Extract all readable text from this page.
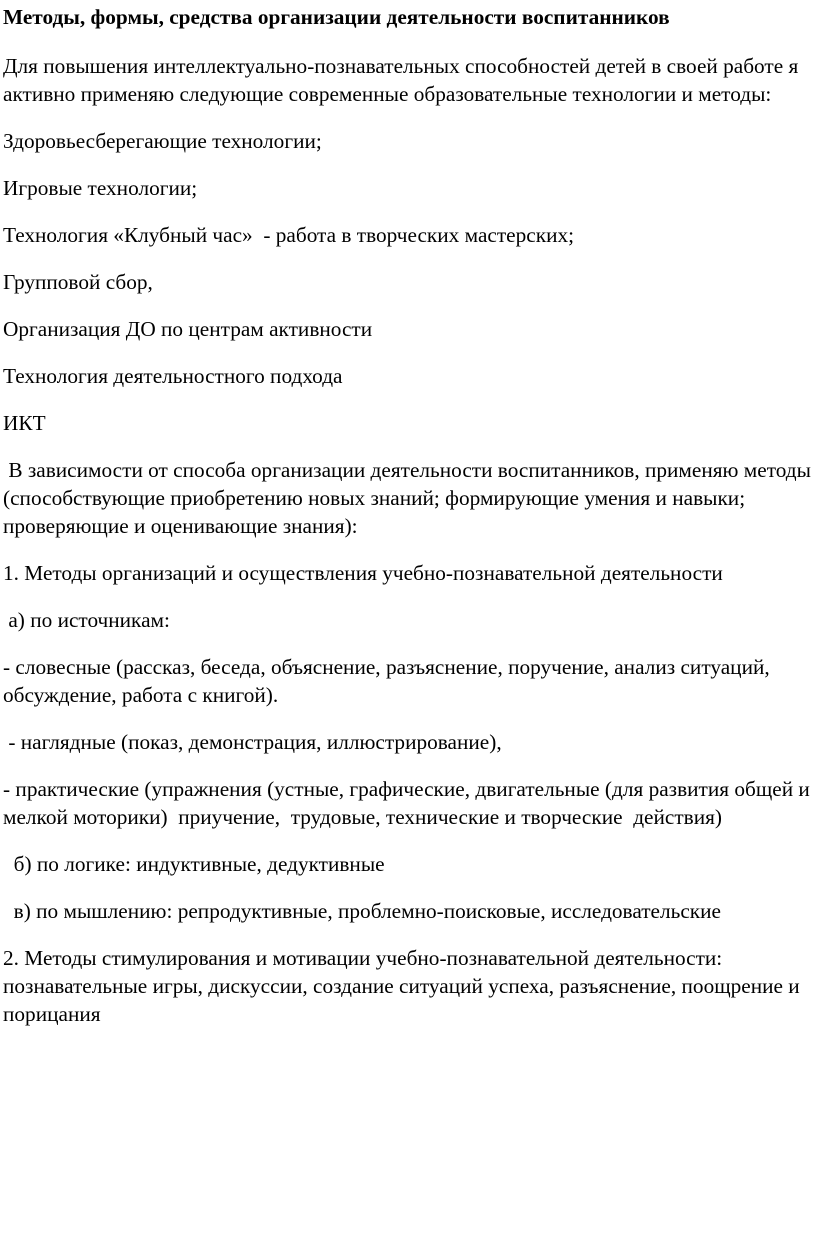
Методы, формы, средства организации деятельности воспитанников
Для повышения интеллектуально-познавательных способностей детей в своей работе я активно применяю следующие современные образовательные технологии и методы:
Здоровьесберегающие технологии;
Игровые технологии;
Технология «Клубный час»  - работа в творческих мастерских;
Групповой сбор,
Организация ДО по центрам активности
Технология деятельностного подхода
ИКТ
В зависимости от способа организации деятельности воспитанников, применяю методы (способствующие приобретению новых знаний; формирующие умения и навыки; проверяющие и оценивающие знания):
1. Методы организаций и осуществления учебно-познавательной деятельности
а) по источникам:
- словесные (рассказ, беседа, объяснение, разъяснение, поручение, анализ ситуаций, обсуждение, работа с книгой).
- наглядные (показ, демонстрация, иллюстрирование),
- практические (упражнения (устные, графические, двигательные (для развития общей и мелкой моторики)  приучение,  трудовые, технические и творческие  действия)
б) по логике: индуктивные, дедуктивные
в) по мышлению: репродуктивные, проблемно-поисковые, исследовательские
2. Методы стимулирования и мотивации учебно-познавательной деятельности:  познавательные игры, дискуссии, создание ситуаций успеха, разъяснение, поощрение и порицания
